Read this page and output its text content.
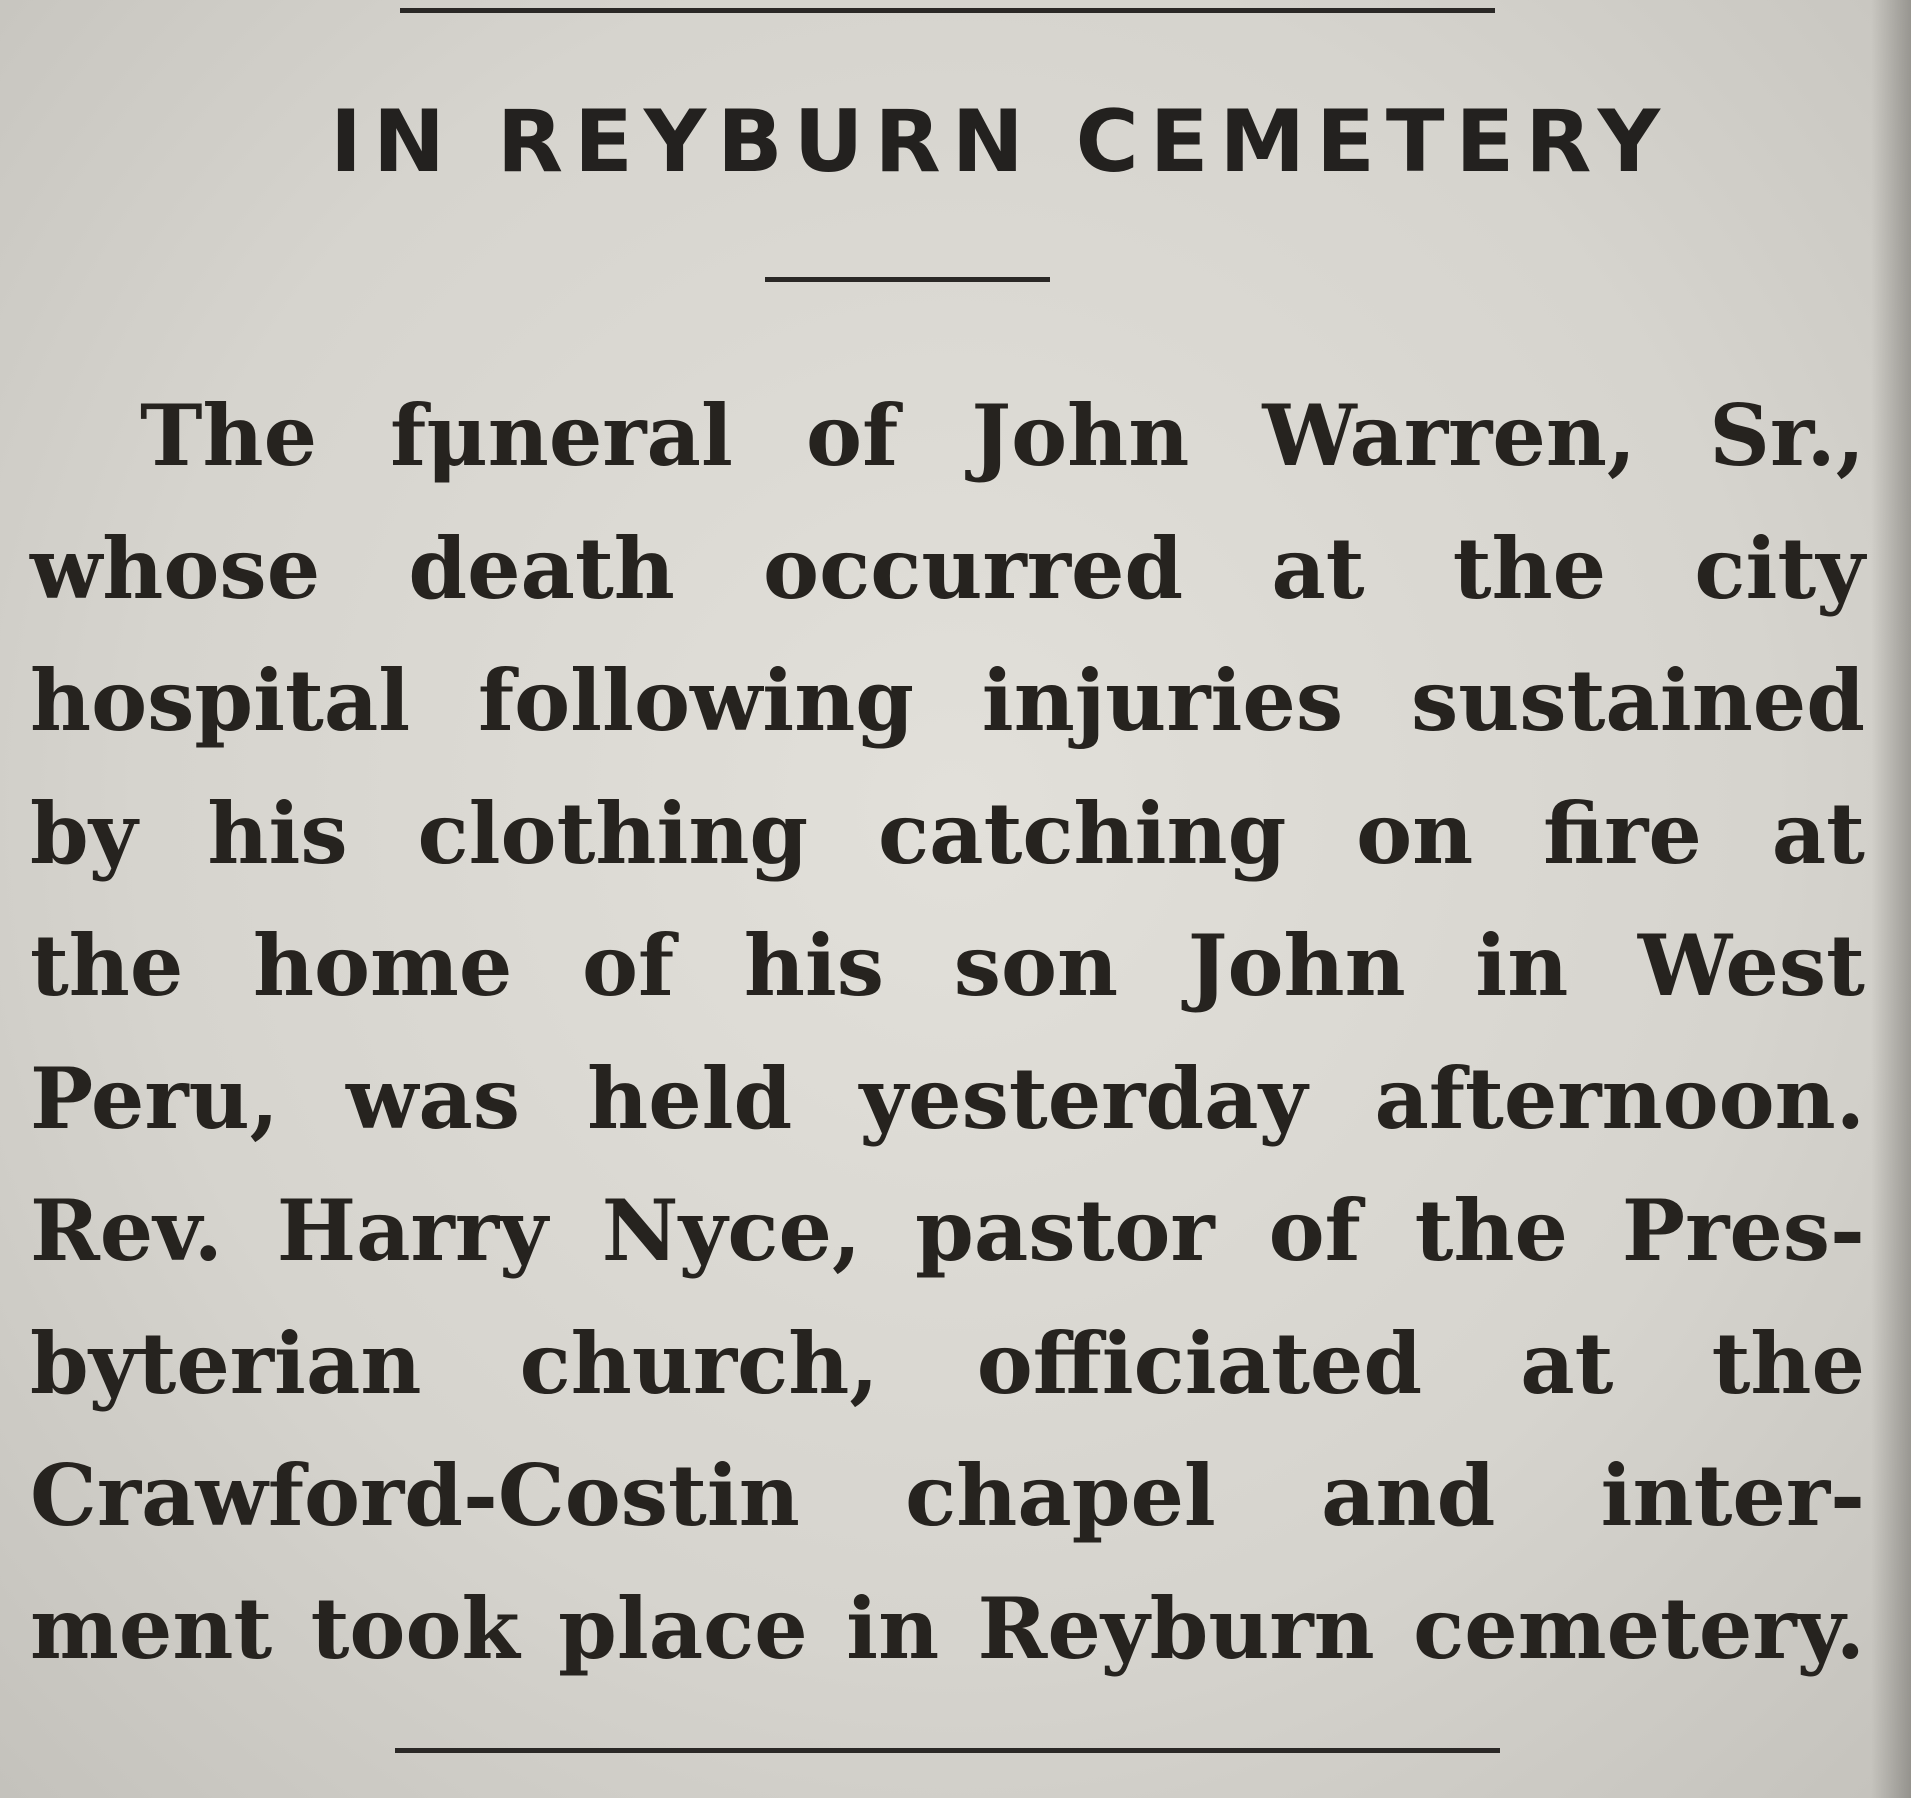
IN REYBURN CEMETERY
The fμneral of John Warren, Sr.,
whose death occurred at the city
hospital following injuries sustained
by his clothing catching on fire at
the home of his son John in West
Peru, was held yesterday afternoon.
Rev. Harry Nyce, pastor of the Pres-
byterian church, officiated at the
Crawford-Costin chapel and inter-
ment took place in Reyburn cemetery.
